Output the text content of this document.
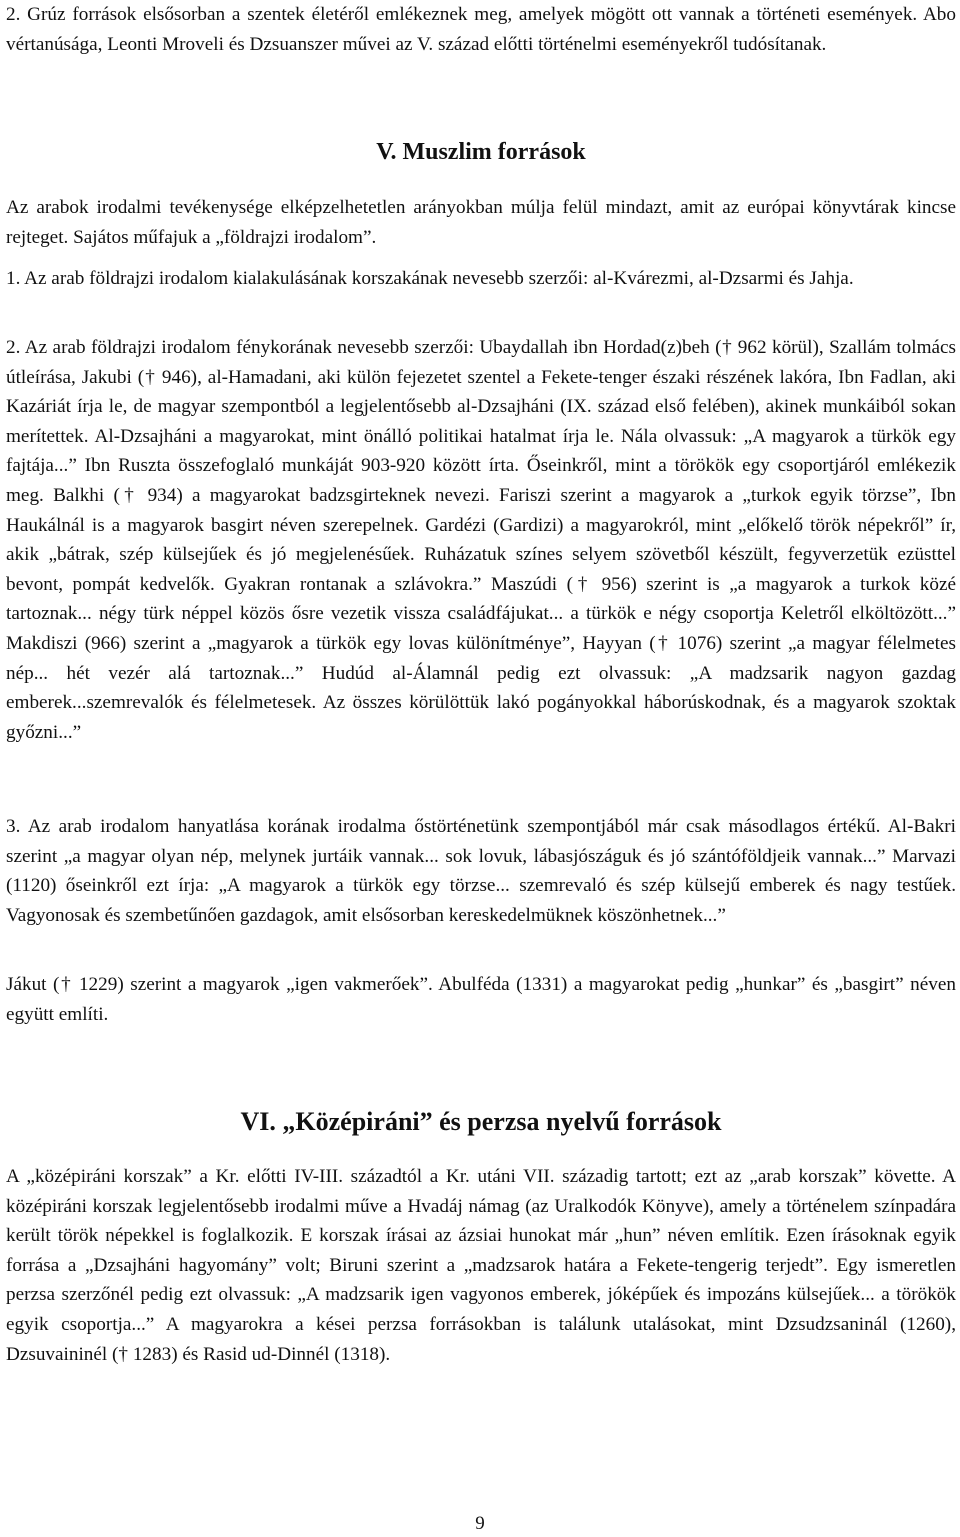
2. Grúz források elsősorban a szentek életéről emlékeznek meg, amelyek mögött ott vannak a történeti események. Abo vértanúsága, Leonti Mroveli és Dzsuanszer művei az V. század előtti történelmi eseményekről tudósítanak.

V. Muszlim források

Az arabok irodalmi tevékenysége elképzelhetetlen arányokban múlja felül mindazt, amit az európai könyvtárak kincse rejteget. Sajátos műfajuk a „földrajzi irodalom”.

1. Az arab földrajzi irodalom kialakulásának korszakának nevesebb szerzői: al-Kvárezmi, al-Dzsarmi és Jahja.

2. Az arab földrajzi irodalom fénykorának nevesebb szerzői: Ubaydallah ibn Hordad(z)beh († 962 körül), Szallám tolmács útleírása, Jakubi († 946), al-Hamadani, aki külön fejezetet szentel a Fekete-tenger északi részének lakóra, Ibn Fadlan, aki Kazáriát írja le, de magyar szempontból a legjelentősebb al-Dzsajháni (IX. század első felében), akinek munkáiból sokan merítettek. Al-Dzsajháni a magyarokat, mint önálló politikai hatalmat írja le. Nála olvassuk: „A magyarok a türkök egy fajtája...” Ibn Ruszta összefoglaló munkáját 903-920 között írta. Őseinkről, mint a törökök egy csoportjáról emlékezik meg. Balkhi († 934) a magyarokat badzsgirteknek nevezi. Fariszi szerint a magyarok a „turkok egyik törzse”, Ibn Haukálnál is a magyarok basgirt néven szerepelnek. Gardézi (Gardizi) a magyarokról, mint „előkelő török népekről” ír, akik „bátrak, szép külsejűek és jó megjelenésűek. Ruházatuk színes selyem szövetből készült, fegyverzetük ezüsttel bevont, pompát kedvelők. Gyakran rontanak a szlávokra.” Maszúdi († 956) szerint is „a magyarok a turkok közé tartoznak... négy türk néppel közös ősre vezetik vissza családfájukat... a türkök e négy csoportja Keletről elköltözött...” Makdiszi (966) szerint a „magyarok a türkök egy lovas különítménye”, Hayyan († 1076) szerint „a magyar félelmetes nép... hét vezér alá tartoznak...” Hudúd al-Álamnál pedig ezt olvassuk: „A madzsarik nagyon gazdag emberek...szemrevalók és félelmetesek. Az összes körülöttük lakó pogányokkal háborúskodnak, és a magyarok szoktak győzni...”

3. Az arab irodalom hanyatlása korának irodalma őstörténetünk szempontjából már csak másodlagos értékű. Al-Bakri szerint „a magyar olyan nép, melynek jurtáik vannak... sok lovuk, lábasjószáguk és jó szántóföldjeik vannak...” Marvazi (1120) őseinkről ezt írja: „A magyarok a türkök egy törzse... szemrevaló és szép külsejű emberek és nagy testűek. Vagyonosak és szembetűnően gazdagok, amit elsősorban kereskedelmüknek köszönhetnek...”

Jákut († 1229) szerint a magyarok „igen vakmerőek”. Abulféda (1331) a magyarokat pedig „hunkar” és „basgirt” néven együtt említi.

VI. „Középiráni” és perzsa nyelvű források

A „középiráni korszak” a Kr. előtti IV-III. századtól a Kr. utáni VII. századig tartott; ezt az „arab korszak” követte. A középiráni korszak legjelentősebb irodalmi műve a Hvadáj námag (az Uralkodók Könyve), amely a történelem színpadára került török népekkel is foglalkozik. E korszak írásai az ázsiai hunokat már „hun” néven említik. Ezen írásoknak egyik forrása a „Dzsajháni hagyomány” volt; Biruni szerint a „madzsarok határa a Fekete-tengerig terjedt”. Egy ismeretlen perzsa szerzőnél pedig ezt olvassuk: „A madzsarik igen vagyonos emberek, jóképűek és impozáns külsejűek... a törökök egyik csoportja...” A magyarokra a kései perzsa forrásokban is találunk utalásokat, mint Dzsudzsaninál (1260), Dzsuvaininél († 1283) és Rasid ud-Dinnél (1318).

9
